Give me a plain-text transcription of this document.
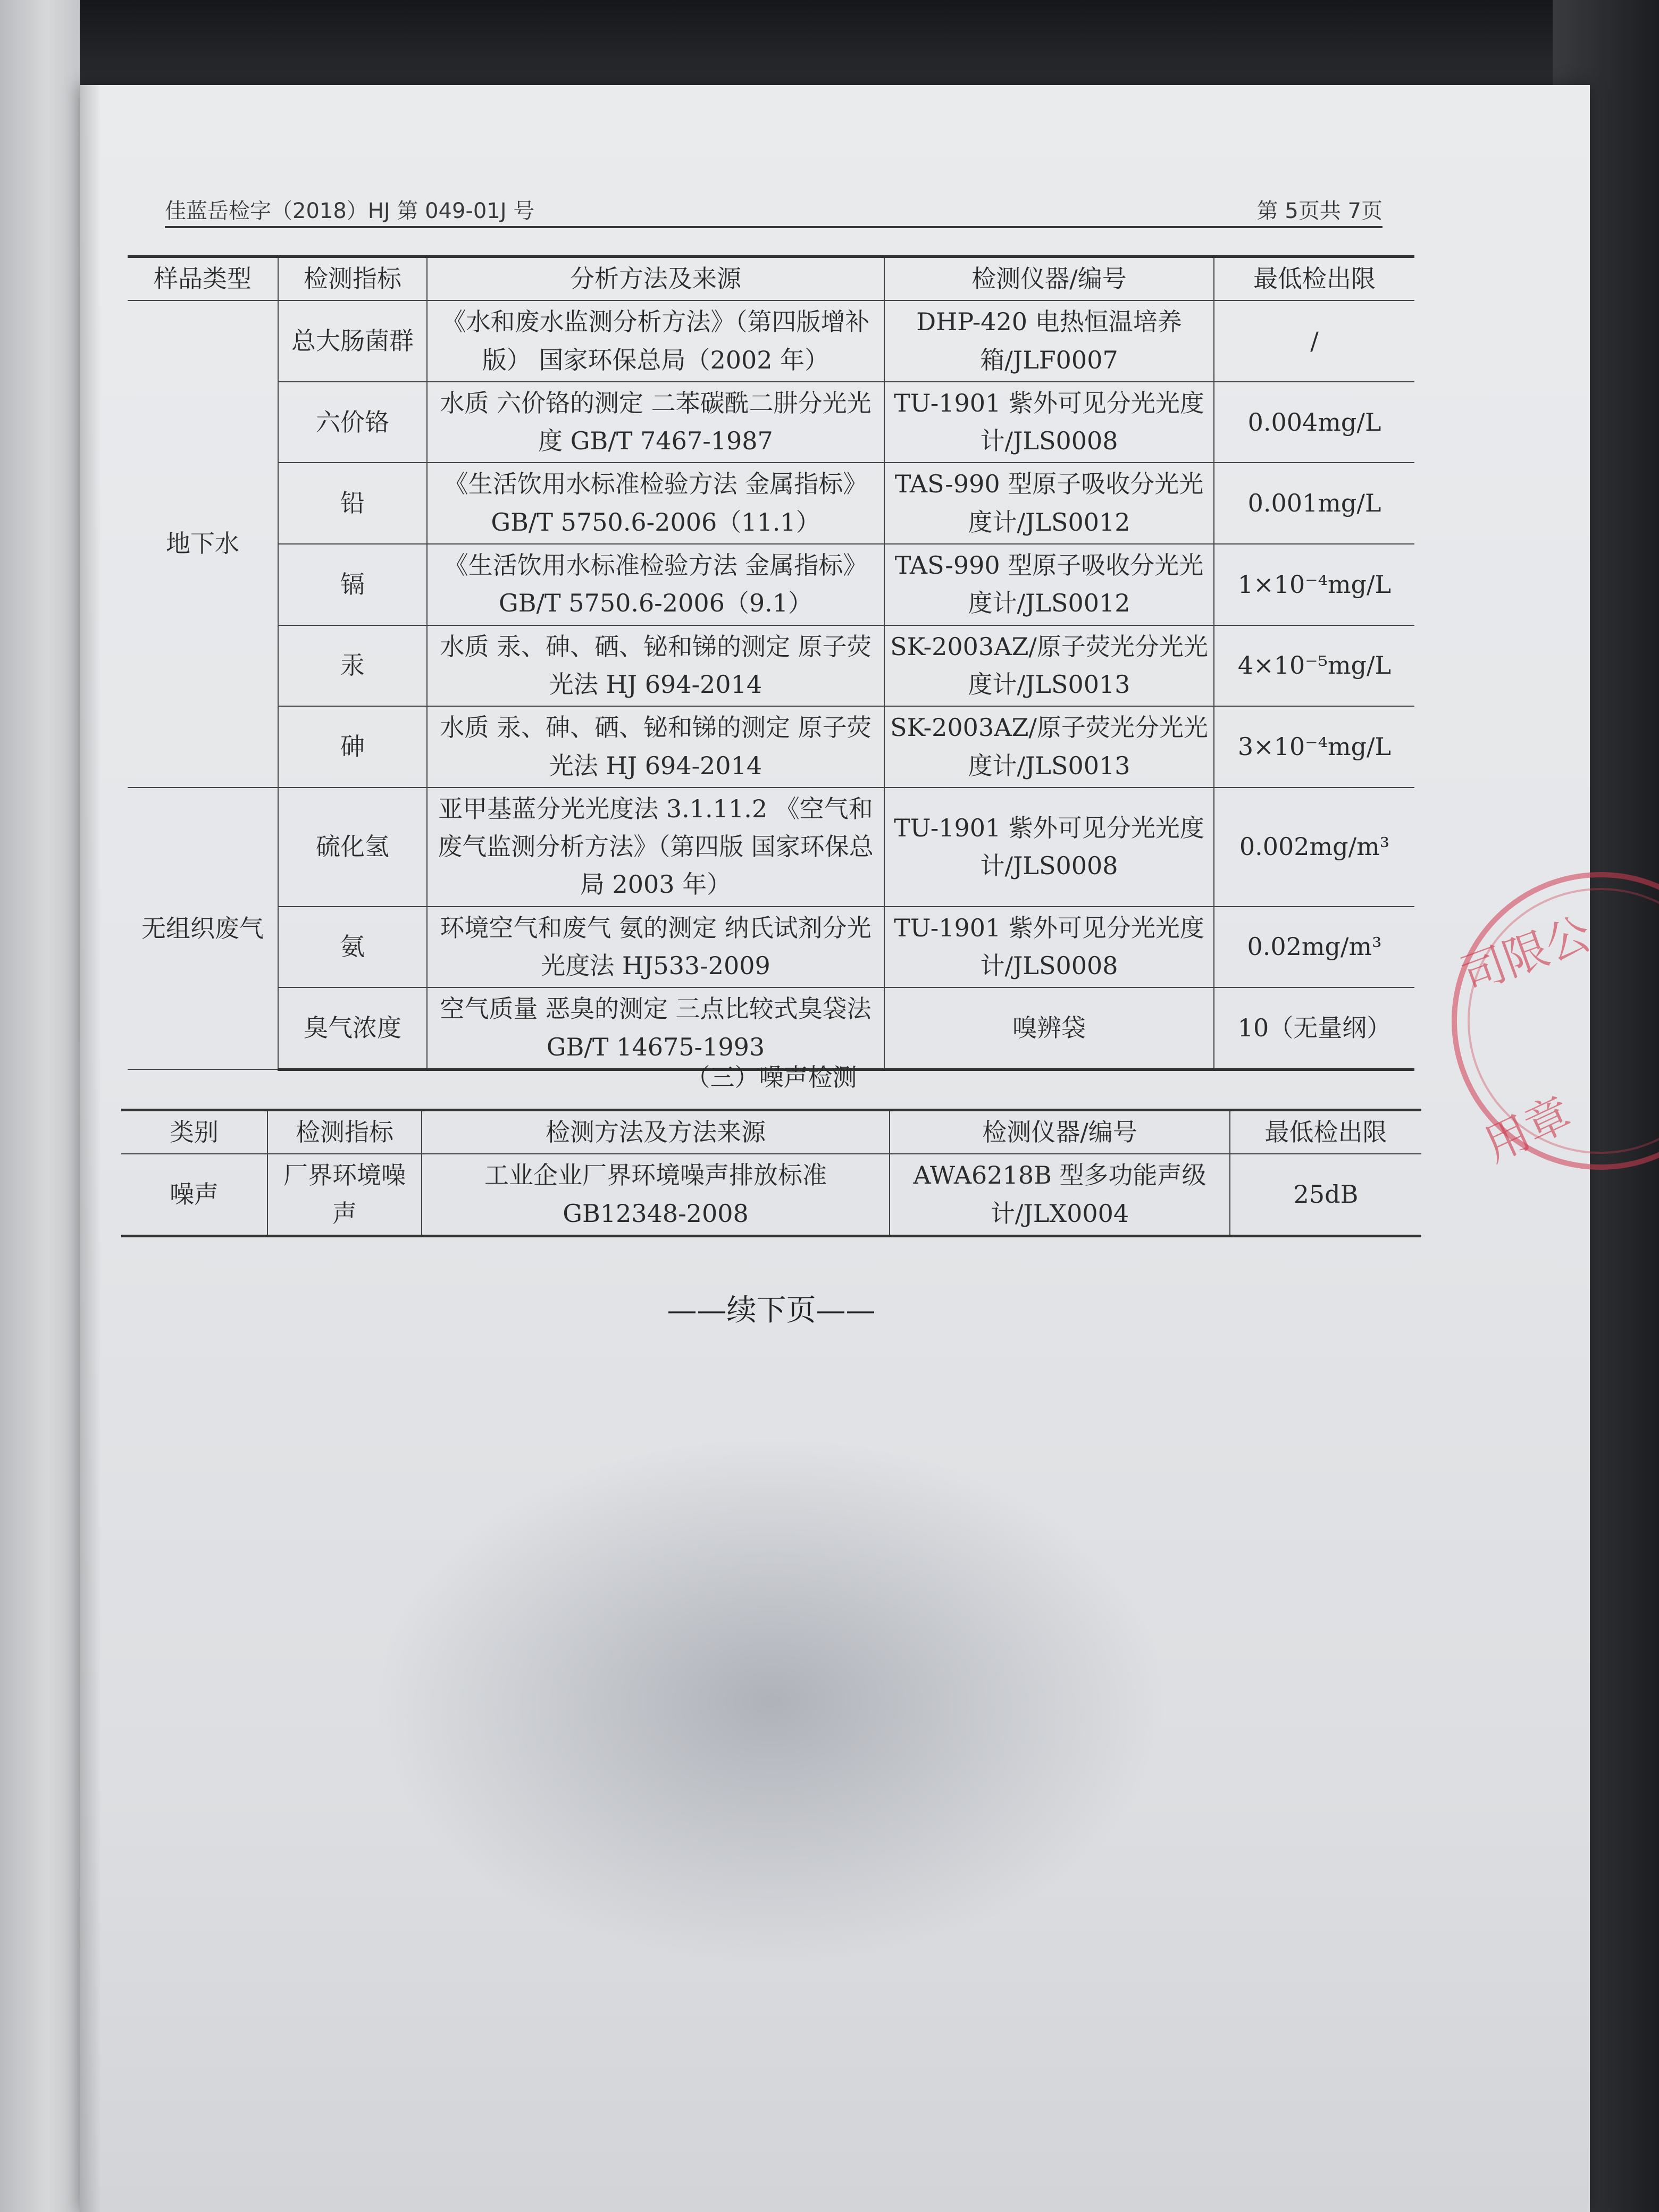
佳蓝岳检字（2018）HJ 第 049-01J 号	第 5页共 7页
样品类型	检测指标	分析方法及来源	检测仪器/编号	最低检出限
地下水	总大肠菌群	《水和废水监测分析方法》（第四版增补版） 国家环保总局（2002 年）	DHP-420 电热恒温培养箱/JLF0007	/
	六价铬	水质 六价铬的测定 二苯碳酰二肼分光光度 GB/T 7467-1987	TU-1901 紫外可见分光光度计/JLS0008	0.004mg/L
	铅	《生活饮用水标准检验方法 金属指标》 GB/T 5750.6-2006（11.1）	TAS-990 型原子吸收分光光度计/JLS0012	0.001mg/L
	镉	《生活饮用水标准检验方法 金属指标》 GB/T 5750.6-2006（9.1）	TAS-990 型原子吸收分光光度计/JLS0012	1×10⁻⁴mg/L
	汞	水质 汞、砷、硒、铋和锑的测定 原子荧光法 HJ 694-2014	SK-2003AZ/原子荧光分光光度计/JLS0013	4×10⁻⁵mg/L
	砷	水质 汞、砷、硒、铋和锑的测定 原子荧光法 HJ 694-2014	SK-2003AZ/原子荧光分光光度计/JLS0013	3×10⁻⁴mg/L
无组织废气	硫化氢	亚甲基蓝分光光度法 3.1.11.2 《空气和废气监测分析方法》（第四版 国家环保总局 2003 年）	TU-1901 紫外可见分光光度计/JLS0008	0.002mg/m³
	氨	环境空气和废气 氨的测定 纳氏试剂分光光度法 HJ533-2009	TU-1901 紫外可见分光光度计/JLS0008	0.02mg/m³
	臭气浓度	空气质量 恶臭的测定 三点比较式臭袋法 GB/T 14675-1993	嗅辨袋	10（无量纲）
（三）噪声检测
类别	检测指标	检测方法及方法来源	检测仪器/编号	最低检出限
噪声	厂界环境噪声	工业企业厂界环境噪声排放标准 GB12348-2008	AWA6218B 型多功能声级计/JLX0004	25dB
——续下页——
司限公
用章
